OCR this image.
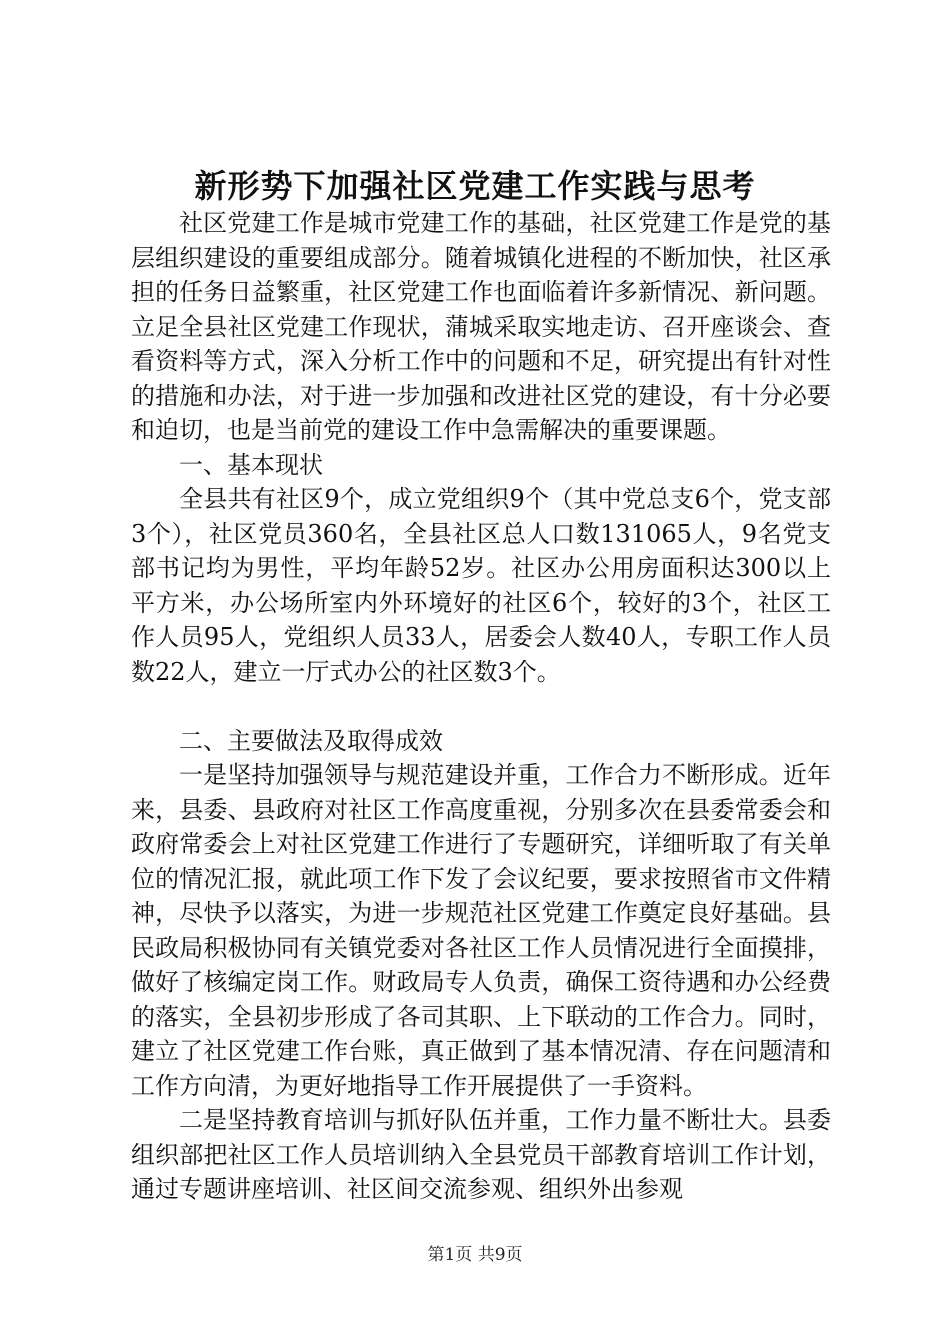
新形势下加强社区党建工作实践与思考

社区党建工作是城市党建工作的基础，社区党建工作是党的基层组织建设的重要组成部分。随着城镇化进程的不断加快，社区承担的任务日益繁重，社区党建工作也面临着许多新情况、新问题。立足全县社区党建工作现状，蒲城采取实地走访、召开座谈会、查看资料等方式，深入分析工作中的问题和不足，研究提出有针对性的措施和办法，对于进一步加强和改进社区党的建设，有十分必要和迫切，也是当前党的建设工作中急需解决的重要课题。

一、基本现状

全县共有社区9个，成立党组织9个（其中党总支6个，党支部3个），社区党员360名，全县社区总人口数131065人，9名党支部书记均为男性，平均年龄52岁。社区办公用房面积达300以上平方米，办公场所室内外环境好的社区6个，较好的3个，社区工作人员95人，党组织人员33人，居委会人数40人，专职工作人员数22人，建立一厅式办公的社区数3个。

二、主要做法及取得成效

一是坚持加强领导与规范建设并重，工作合力不断形成。近年来，县委、县政府对社区工作高度重视，分别多次在县委常委会和政府常委会上对社区党建工作进行了专题研究，详细听取了有关单位的情况汇报，就此项工作下发了会议纪要，要求按照省市文件精神，尽快予以落实，为进一步规范社区党建工作奠定良好基础。县民政局积极协同有关镇党委对各社区工作人员情况进行全面摸排，做好了核编定岗工作。财政局专人负责，确保工资待遇和办公经费的落实，全县初步形成了各司其职、上下联动的工作合力。同时，建立了社区党建工作台账，真正做到了基本情况清、存在问题清和工作方向清，为更好地指导工作开展提供了一手资料。

二是坚持教育培训与抓好队伍并重，工作力量不断壮大。县委组织部把社区工作人员培训纳入全县党员干部教育培训工作计划，通过专题讲座培训、社区间交流参观、组织外出参观

第1页 共9页
